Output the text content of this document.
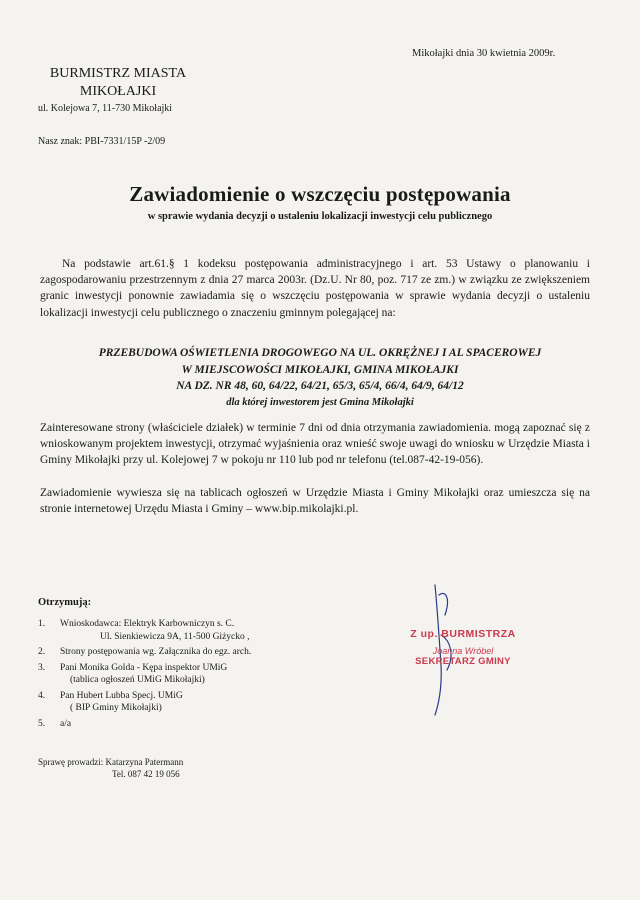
Mikołajki dnia 30 kwietnia 2009r.
BURMISTRZ MIASTA
MIKOŁAJKI
ul. Kolejowa 7, 11-730 Mikołajki
Nasz znak: PBI-7331/15P -2/09
Zawiadomienie o wszczęciu postępowania
w sprawie wydania decyzji o ustaleniu lokalizacji inwestycji celu publicznego
Na podstawie art.61.§ 1 kodeksu postępowania administracyjnego i art. 53 Ustawy o planowaniu i zagospodarowaniu przestrzennym z dnia 27 marca 2003r. (Dz.U. Nr 80, poz. 717 ze zm.) w związku ze zwiększeniem granic inwestycji ponownie zawiadamia się o wszczęciu postępowania w sprawie wydania decyzji o ustaleniu lokalizacji inwestycji celu publicznego o znaczeniu gminnym polegającej na:
PRZEBUDOWA OŚWIETLENIA DROGOWEGO NA UL. OKRĘŻNEJ I AL SPACEROWEJ
W MIEJSCOWOŚCI MIKOŁAJKI, GMINA MIKOŁAJKI
NA DZ. NR 48, 60, 64/22, 64/21, 65/3, 65/4, 66/4, 64/9, 64/12
dla której inwestorem jest Gmina Mikołajki
Zainteresowane strony (właściciele działek) w terminie 7 dni od dnia otrzymania zawiadomienia. mogą zapoznać się z wnioskowanym projektem inwestycji, otrzymać wyjaśnienia oraz wnieść swoje uwagi do wniosku w Urzędzie Miasta i Gminy Mikołajki przy ul. Kolejowej 7 w pokoju nr 110 lub pod nr telefonu (tel.087-42-19-056).
Zawiadomienie wywiesza się na tablicach ogłoszeń w Urzędzie Miasta i Gminy Mikołajki oraz umieszcza się na stronie internetowej Urzędu Miasta i Gminy – www.bip.mikolajki.pl.
Otrzymują:
1.	Wnioskodawca: Elektryk Karbowniczyn s. C.
Ul. Sienkiewicza 9A, 11-500 Giżycko ,
2.	Strony postępowania wg. Załącznika do egz. arch.
3.	Pani Monika Golda - Kępa inspektor UMiG
(tablica ogłoszeń UMiG Mikołajki)
4.	Pan Hubert Lubba Specj. UMiG
( BIP Gminy Mikołajki)
5.	a/a
Z up. BURMISTRZA
Joanna Wróbel
SEKRETARZ GMINY
Sprawę prowadzi: Katarzyna Patermann
Tel. 087 42 19 056
